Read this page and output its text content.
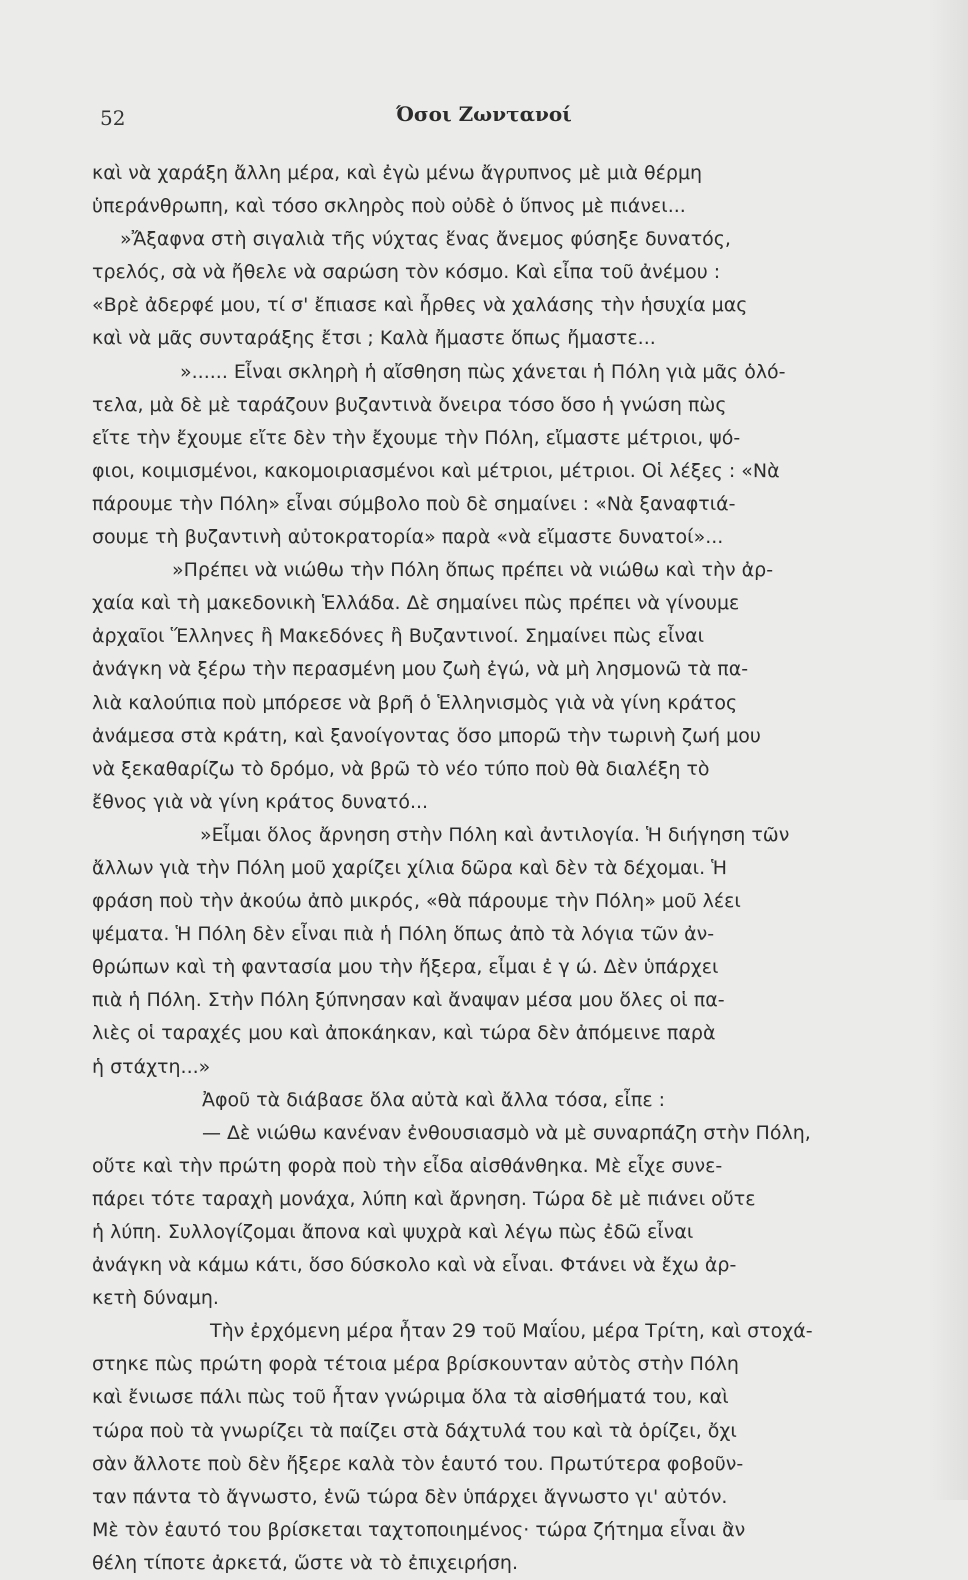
52	Όσοι Ζωντανοί
καὶ νὰ χαράξη ἄλλη μέρα, καὶ ἐγὼ μένω ἄγρυπνος μὲ μιὰ θέρμη
ὑπεράνθρωπη, καὶ τόσο σκληρὸς ποὺ οὐδὲ ὁ ὕπνος μὲ πιάνει...
»Ἄξαφνα στὴ σιγαλιὰ τῆς νύχτας ἕνας ἄνεμος φύσηξε δυνατός,
τρελός, σὰ νὰ ἤθελε νὰ σαρώση τὸν κόσμο. Καὶ εἶπα τοῦ ἀνέμου :
«Βρὲ ἀδερφέ μου, τί σ' ἔπιασε καὶ ἦρθες νὰ χαλάσης τὴν ἡσυχία μας
καὶ νὰ μᾶς συνταράξης ἔτσι ; Καλὰ ἤμαστε ὅπως ἤμαστε...
»...... Εἶναι σκληρὴ ἡ αἴσθηση πὼς χάνεται ἡ Πόλη γιὰ μᾶς ὁλό-
τελα, μὰ δὲ μὲ ταράζουν βυζαντινὰ ὄνειρα τόσο ὅσο ἡ γνώση πὼς
εἴτε τὴν ἔχουμε εἴτε δὲν τὴν ἔχουμε τὴν Πόλη, εἴμαστε μέτριοι, ψό-
φιοι, κοιμισμένοι, κακομοιριασμένοι καὶ μέτριοι, μέτριοι. Οἱ λέξες : «Νὰ
πάρουμε τὴν Πόλη» εἶναι σύμβολο ποὺ δὲ σημαίνει : «Νὰ ξαναφτιά-
σουμε τὴ βυζαντινὴ αὐτοκρατορία» παρὰ «νὰ εἴμαστε δυνατοί»...
»Πρέπει νὰ νιώθω τὴν Πόλη ὅπως πρέπει νὰ νιώθω καὶ τὴν ἀρ-
χαία καὶ τὴ μακεδονικὴ Ἑλλάδα. Δὲ σημαίνει πὼς πρέπει νὰ γίνουμε
ἀρχαῖοι Ἕλληνες ἢ Μακεδόνες ἢ Βυζαντινοί. Σημαίνει πὼς εἶναι
ἀνάγκη νὰ ξέρω τὴν περασμένη μου ζωὴ ἐγώ, νὰ μὴ λησμονῶ τὰ πα-
λιὰ καλούπια ποὺ μπόρεσε νὰ βρῆ ὁ Ἑλληνισμὸς γιὰ νὰ γίνη κράτος
ἀνάμεσα στὰ κράτη, καὶ ξανοίγοντας ὅσο μπορῶ τὴν τωρινὴ ζωή μου
νὰ ξεκαθαρίζω τὸ δρόμο, νὰ βρῶ τὸ νέο τύπο ποὺ θὰ διαλέξη τὸ
ἔθνος γιὰ νὰ γίνη κράτος δυνατό...
»Εἶμαι ὅλος ἄρνηση στὴν Πόλη καὶ ἀντιλογία. Ἡ διήγηση τῶν
ἄλλων γιὰ τὴν Πόλη μοῦ χαρίζει χίλια δῶρα καὶ δὲν τὰ δέχομαι. Ἡ
φράση ποὺ τὴν ἀκούω ἀπὸ μικρός, «θὰ πάρουμε τὴν Πόλη» μοῦ λέει
ψέματα. Ἡ Πόλη δὲν εἶναι πιὰ ἡ Πόλη ὅπως ἀπὸ τὰ λόγια τῶν ἀν-
θρώπων καὶ τὴ φαντασία μου τὴν ἤξερα, εἶμαι ἐ γ ώ. Δὲν ὑπάρχει
πιὰ ἡ Πόλη. Στὴν Πόλη ξύπνησαν καὶ ἄναψαν μέσα μου ὅλες οἱ πα-
λιὲς οἱ ταραχές μου καὶ ἀποκάηκαν, καὶ τώρα δὲν ἀπόμεινε παρὰ
ἡ στάχτη...»
Ἀφοῦ τὰ διάβασε ὅλα αὐτὰ καὶ ἄλλα τόσα, εἶπε :
— Δὲ νιώθω κανέναν ἐνθουσιασμὸ νὰ μὲ συναρπάζη στὴν Πόλη,
οὔτε καὶ τὴν πρώτη φορὰ ποὺ τὴν εἶδα αἰσθάνθηκα. Μὲ εἶχε συνε-
πάρει τότε ταραχὴ μονάχα, λύπη καὶ ἄρνηση. Τώρα δὲ μὲ πιάνει οὔτε
ἡ λύπη. Συλλογίζομαι ἄπονα καὶ ψυχρὰ καὶ λέγω πὼς ἐδῶ εἶναι
ἀνάγκη νὰ κάμω κάτι, ὅσο δύσκολο καὶ νὰ εἶναι. Φτάνει νὰ ἔχω ἀρ-
κετὴ δύναμη.
Τὴν ἐρχόμενη μέρα ἦταν 29 τοῦ Μαΐου, μέρα Τρίτη, καὶ στοχά-
στηκε πὼς πρώτη φορὰ τέτοια μέρα βρίσκουνταν αὐτὸς στὴν Πόλη
καὶ ἔνιωσε πάλι πὼς τοῦ ἦταν γνώριμα ὅλα τὰ αἰσθήματά του, καὶ
τώρα ποὺ τὰ γνωρίζει τὰ παίζει στὰ δάχτυλά του καὶ τὰ ὁρίζει, ὄχι
σὰν ἄλλοτε ποὺ δὲν ἤξερε καλὰ τὸν ἑαυτό του. Πρωτύτερα φοβοῦν-
ταν πάντα τὸ ἄγνωστο, ἐνῶ τώρα δὲν ὑπάρχει ἄγνωστο γι' αὐτόν.
Μὲ τὸν ἑαυτό του βρίσκεται ταχτοποιημένος· τώρα ζήτημα εἶναι ἂν
θέλη τίποτε ἀρκετά, ὥστε νὰ τὸ ἐπιχειρήση.
